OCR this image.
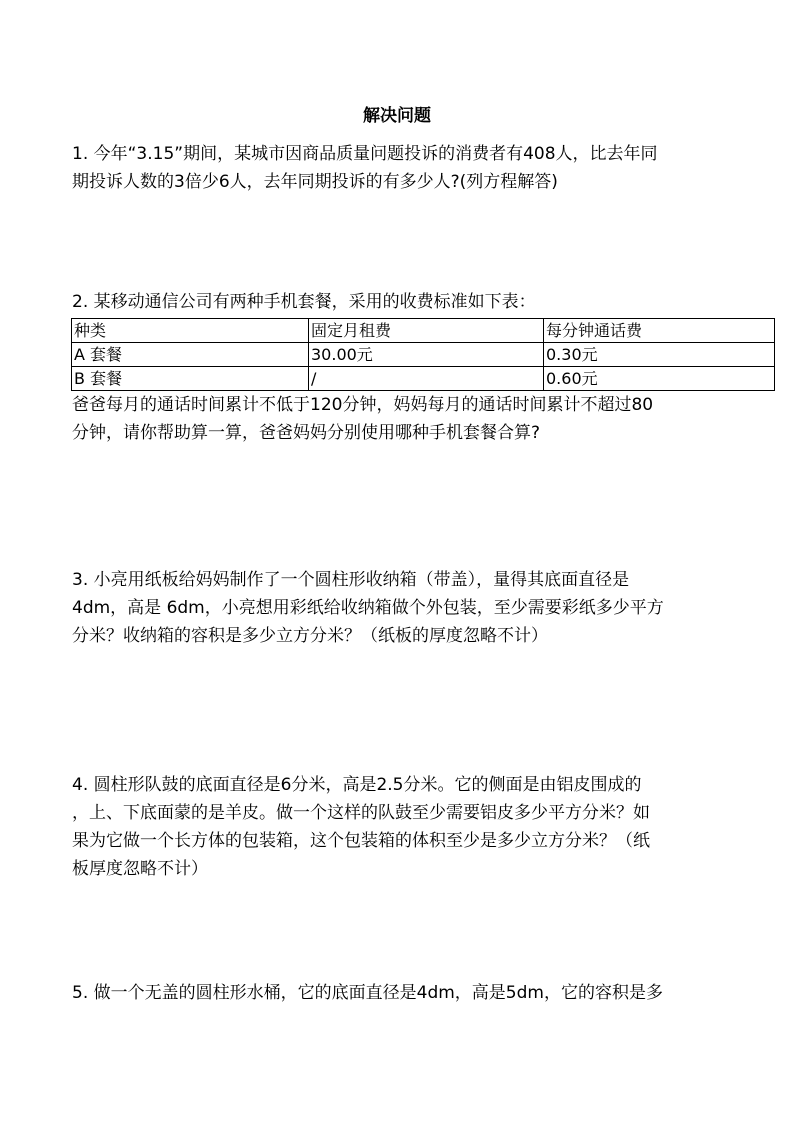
解决问题

1. 今年“3.15”期间，某城市因商品质量问题投诉的消费者有408人，比去年同

期投诉人数的3倍少6人，去年同期投诉的有多少人?(列方程解答)

2. 某移动通信公司有两种手机套餐，采用的收费标准如下表：
种类	固定月租费	每分钟通话费
A 套餐	30.00元	0.30元
B 套餐	/	0.60元

爸爸每月的通话时间累计不低于120分钟，妈妈每月的通话时间累计不超过80

分钟，请你帮助算一算，爸爸妈妈分别使用哪种手机套餐合算?

3. 小亮用纸板给妈妈制作了一个圆柱形收纳箱（带盖），量得其底面直径是

4dm，高是 6dm，小亮想用彩纸给收纳箱做个外包装，至少需要彩纸多少平方

分米？收纳箱的容积是多少立方分米？（纸板的厚度忽略不计）

4. 圆柱形队鼓的底面直径是6分米，高是2.5分米。它的侧面是由铝皮围成的

，上、下底面蒙的是羊皮。做一个这样的队鼓至少需要铝皮多少平方分米？如

果为它做一个长方体的包装箱，这个包装箱的体积至少是多少立方分米？（纸

板厚度忽略不计）

5. 做一个无盖的圆柱形水桶，它的底面直径是4dm，高是5dm，它的容积是多
